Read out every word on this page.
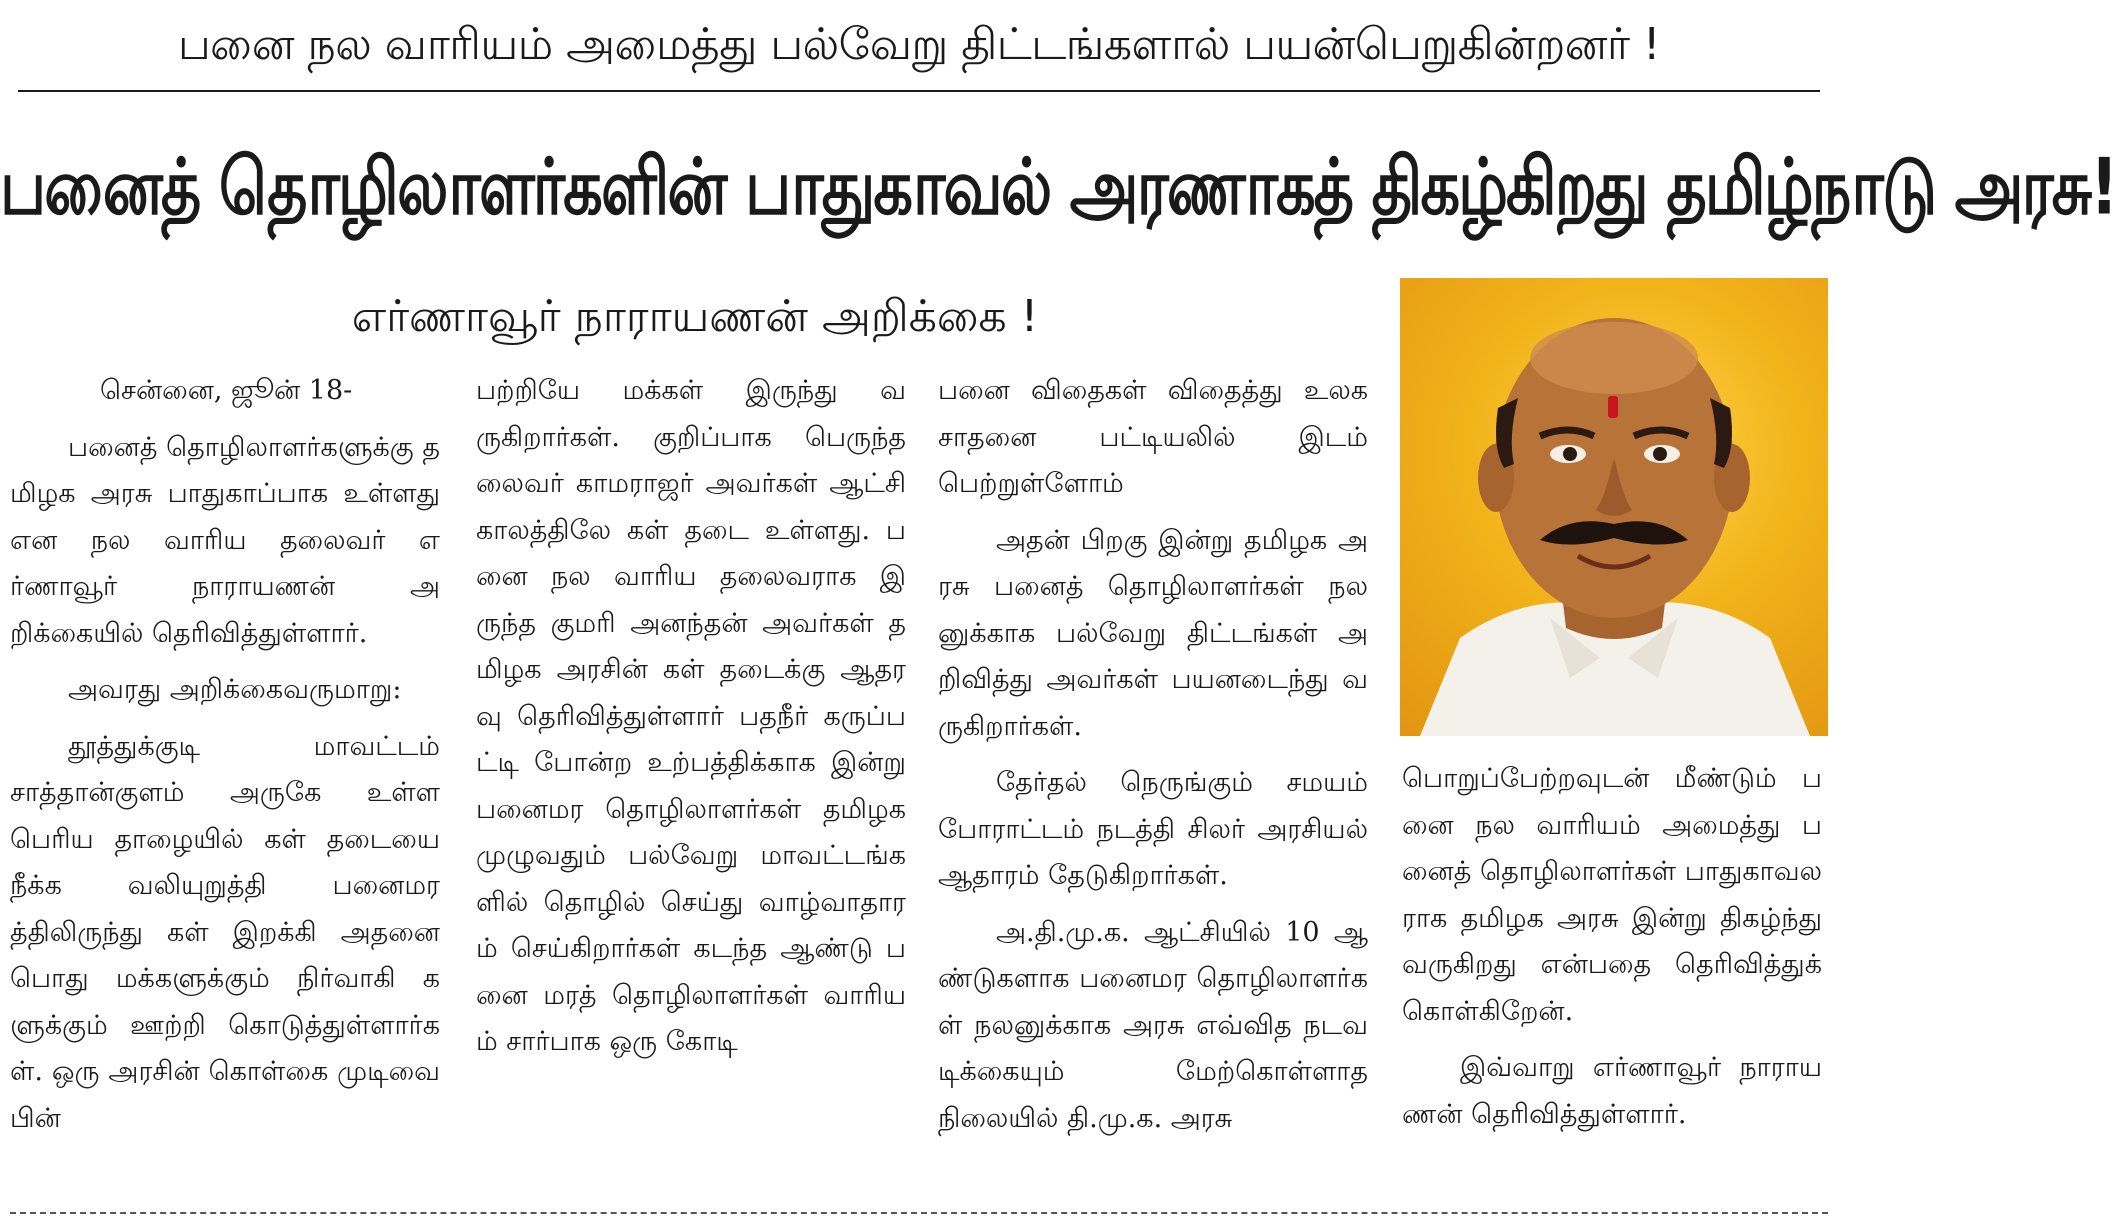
பனை நல வாரியம் அமைத்து பல்வேறு திட்டங்களால் பயன்பெறுகின்றனர் !
பனைத் தொழிலாளர்களின் பாதுகாவல் அரணாகத் திகழ்கிறது தமிழ்நாடு அரசு!
எர்ணாவூர் நாராயணன் அறிக்கை !
சென்னை, ஜூன் 18-

பனைத் தொழிலாளர்களுக்கு தமிழக அரசு பாதுகாப்பாக உள்ளது என நல வாரிய தலைவர் எர்ணாவூர் நாராயணன் அறிக்கையில் தெரிவித்துள்ளார்.

அவரது அறிக்கைவருமாறு:

தூத்துக்குடி மாவட்டம் சாத்தான்குளம் அருகே உள்ள பெரிய தாழையில் கள் தடையை நீக்க வலியுறுத்தி பனைமரத்திலிருந்து கள் இறக்கி அதனை பொது மக்களுக்கும் நிர்வாகி களுக்கும் ஊற்றி கொடுத்துள்ளார்கள். ஒரு அரசின் கொள்கை முடிவை பின்

பற்றியே மக்கள் இருந்து வருகிறார்கள். குறிப்பாக பெருந்தலைவர் காமராஜர் அவர்கள் ஆட்சி காலத்திலே கள் தடை உள்ளது. பனை நல வாரிய தலைவராக இருந்த குமரி அனந்தன் அவர்கள் தமிழக அரசின் கள் தடைக்கு ஆதரவு தெரிவித்துள்ளார் பதநீர் கருப்பட்டி போன்ற உற்பத்திக்காக இன்று பனைமர தொழிலாளர்கள் தமிழக முழுவதும் பல்வேறு மாவட்டங்களில் தொழில் செய்து வாழ்வாதாரம் செய்கிறார்கள் கடந்த ஆண்டு பனை மரத் தொழிலாளர்கள் வாரியம் சார்பாக ஒரு கோடி

பனை விதைகள் விதைத்து உலக சாதனை பட்டியலில் இடம் பெற்றுள்ளோம்

அதன் பிறகு இன்று தமிழக அரசு பனைத் தொழிலாளர்கள் நலனுக்காக பல்வேறு திட்டங்கள் அறிவித்து அவர்கள் பயனடைந்து வருகிறார்கள்.

தேர்தல் நெருங்கும் சமயம் போராட்டம் நடத்தி சிலர் அரசியல் ஆதாரம் தேடுகிறார்கள்.

அ.தி.மு.க. ஆட்சியில் 10 ஆண்டுகளாக பனைமர தொழிலாளர்கள் நலனுக்காக அரசு எவ்வித நடவடிக்கையும் மேற்கொள்ளாத நிலையில் தி.மு.க. அரசு

பொறுப்பேற்றவுடன் மீண்டும் பனை நல வாரியம் அமைத்து பனைத் தொழிலாளர்கள் பாதுகாவலராக தமிழக அரசு இன்று திகழ்ந்து வருகிறது என்பதை தெரிவித்துக் கொள்கிறேன்.

இவ்வாறு எர்ணாவூர் நாராயணன் தெரிவித்துள்ளார்.
